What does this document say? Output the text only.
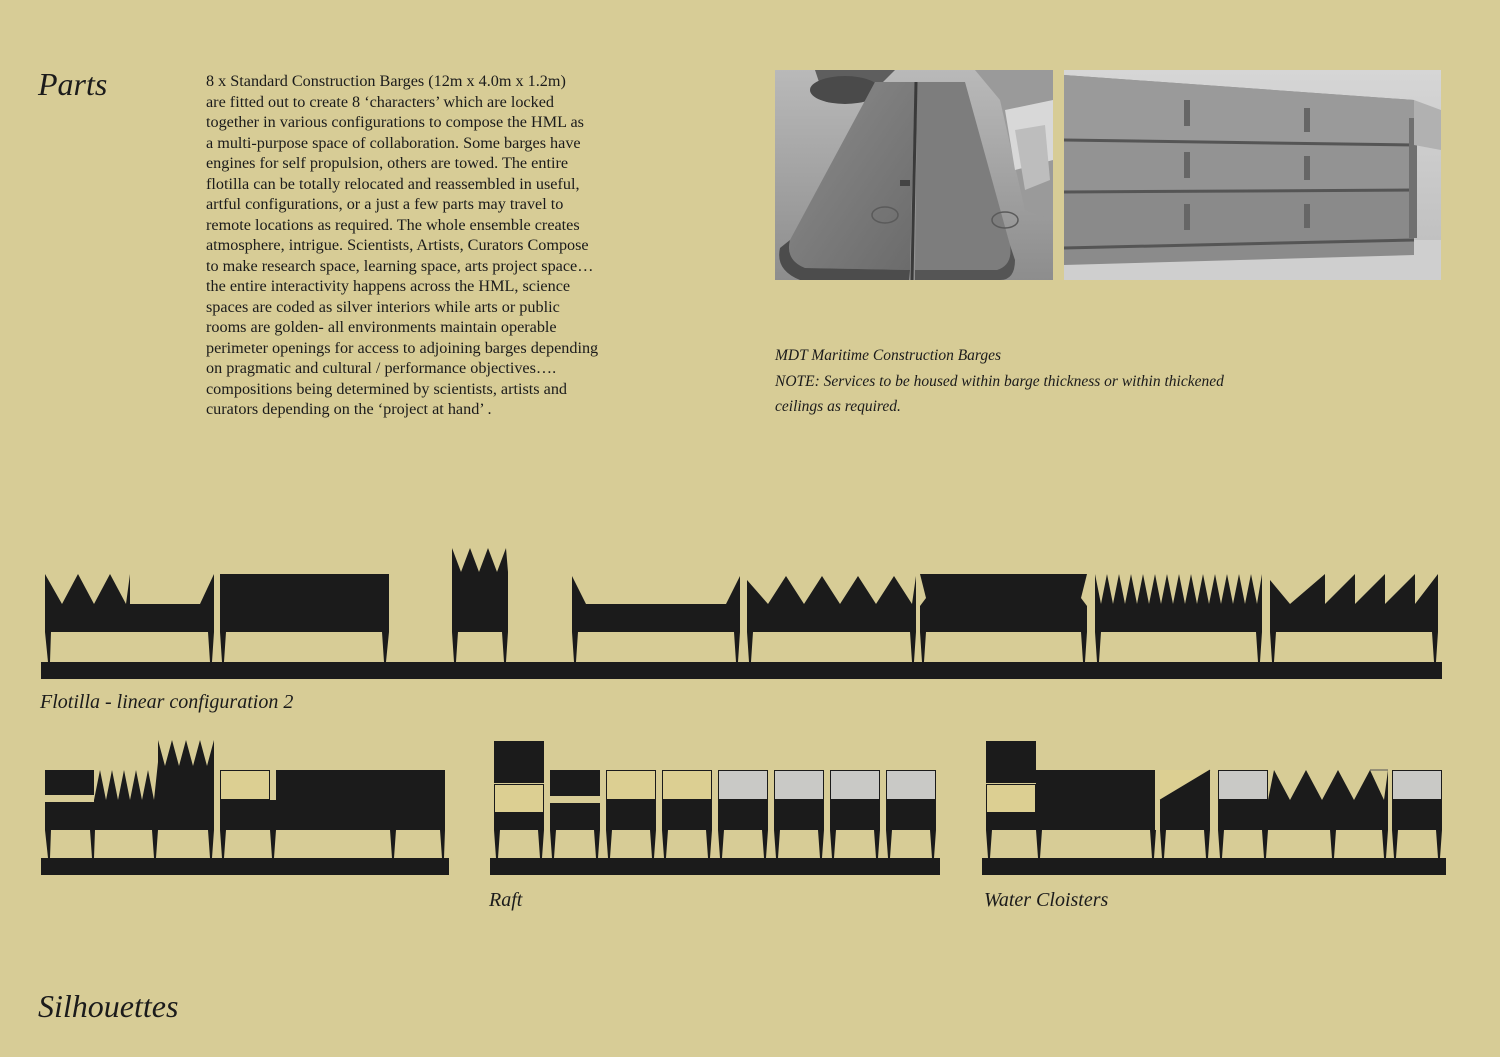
Parts	8 x Standard Construction Barges (12m x 4.0m x 1.2m)
are fitted out to create 8 ‘characters’ which are locked
together in various configurations to compose the HML as
a multi-purpose space of collaboration. Some barges have
engines for self propulsion, others are towed. The entire
flotilla can be totally relocated and reassembled in useful,
artful configurations, or a just a few parts may travel to
remote locations as required. The whole ensemble creates
atmosphere, intrigue. Scientists, Artists, Curators Compose
to make research space, learning space, arts project space…
the entire interactivity happens across the HML, science
spaces are coded as silver interiors while arts or public
rooms are golden- all environments maintain operable
perimeter openings for access to adjoining barges depending
on pragmatic and cultural / performance objectives….
compositions being determined by scientists, artists and
curators depending on the ‘project at hand’ .
MDT Maritime Construction Barges
NOTE: Services to be housed within barge thickness or within thickened
ceilings as required.
Flotilla - linear configuration 2
Raft	Water Cloisters
Silhouettes
